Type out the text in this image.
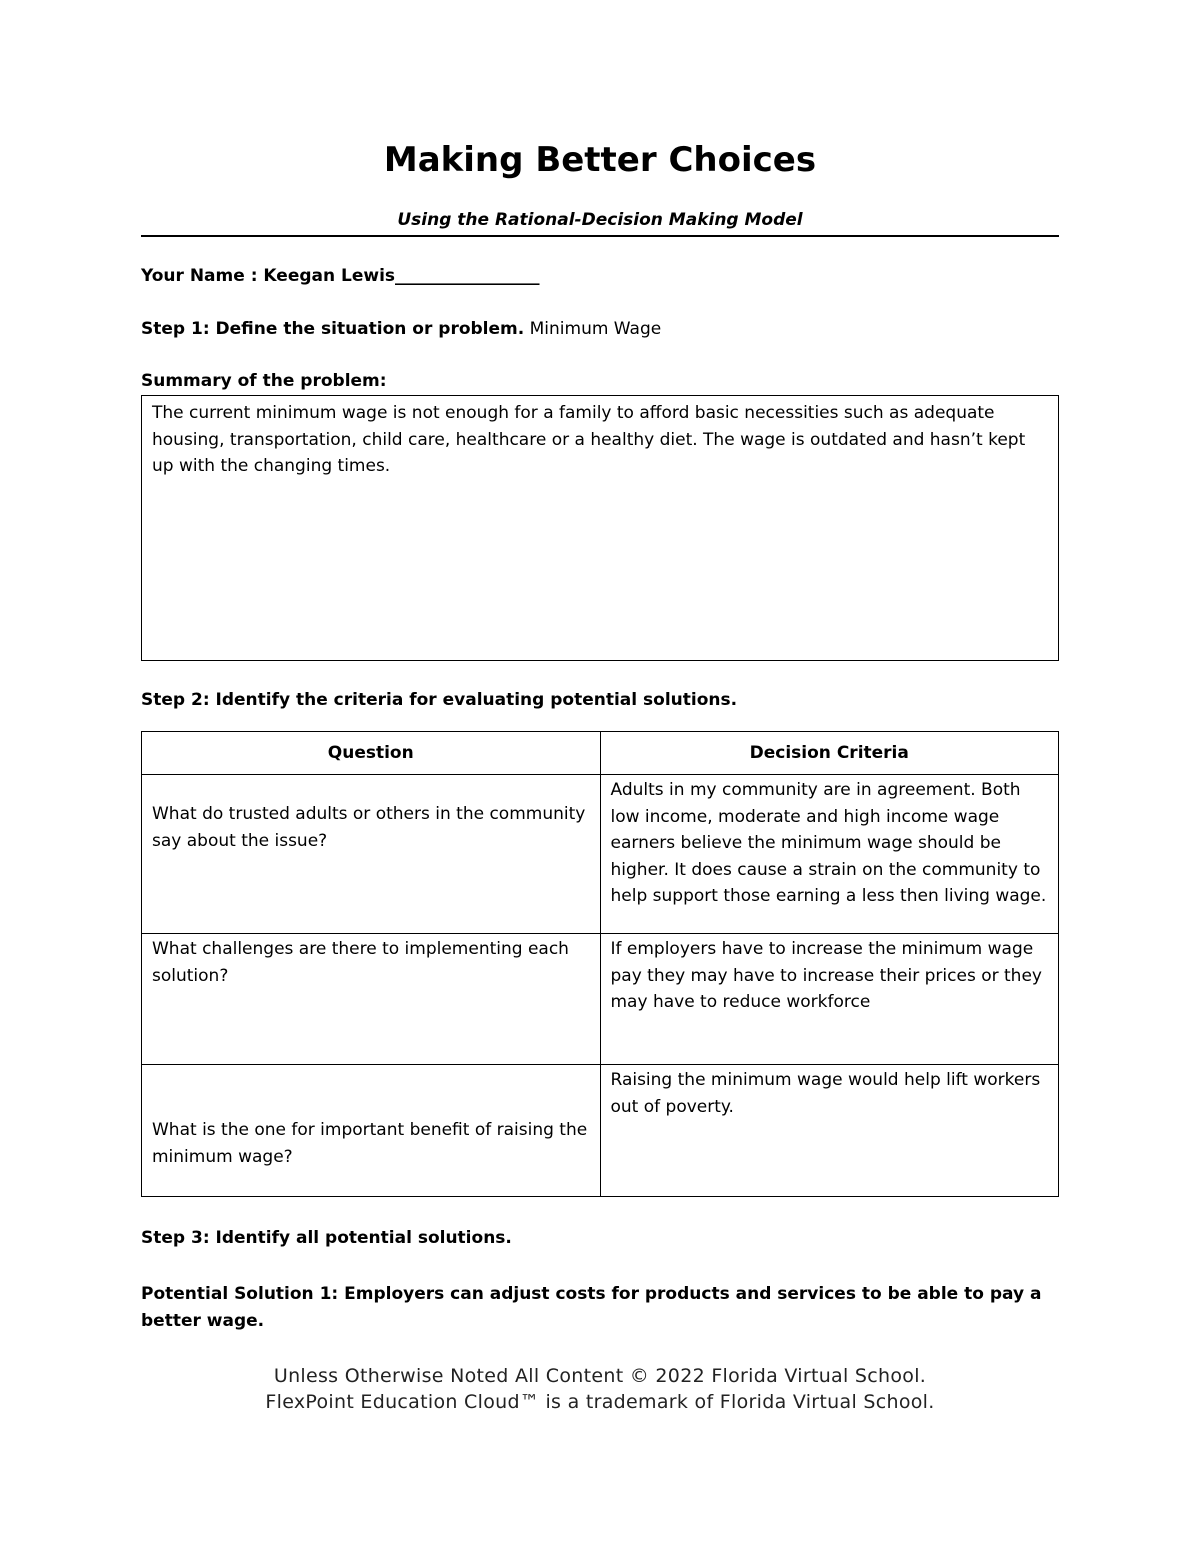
Making Better Choices
Using the Rational-Decision Making Model
Your Name : Keegan Lewis_________________
Step 1: Define the situation or problem. Minimum Wage
Summary of the problem:
The current minimum wage is not enough for a family to afford basic necessities such as adequate housing, transportation, child care, healthcare or a healthy diet. The wage is outdated and hasn’t kept up with the changing times.
Step 2: Identify the criteria for evaluating potential solutions.
Question	Decision Criteria
What do trusted adults or others in the community say about the issue?	Adults in my community are in agreement. Both low income, moderate and high income wage earners believe the minimum wage should be higher. It does cause a strain on the community to help support those earning a less then living wage.
What challenges are there to implementing each solution?	If employers have to increase the minimum wage pay they may have to increase their prices or they may have to reduce workforce
What is the one for important benefit of raising the minimum wage?	Raising the minimum wage would help lift workers out of poverty.
Step 3: Identify all potential solutions.
Potential Solution 1: Employers can adjust costs for products and services to be able to pay a better wage.
Unless Otherwise Noted All Content © 2022 Florida Virtual School.
FlexPoint Education Cloud™ is a trademark of Florida Virtual School.
